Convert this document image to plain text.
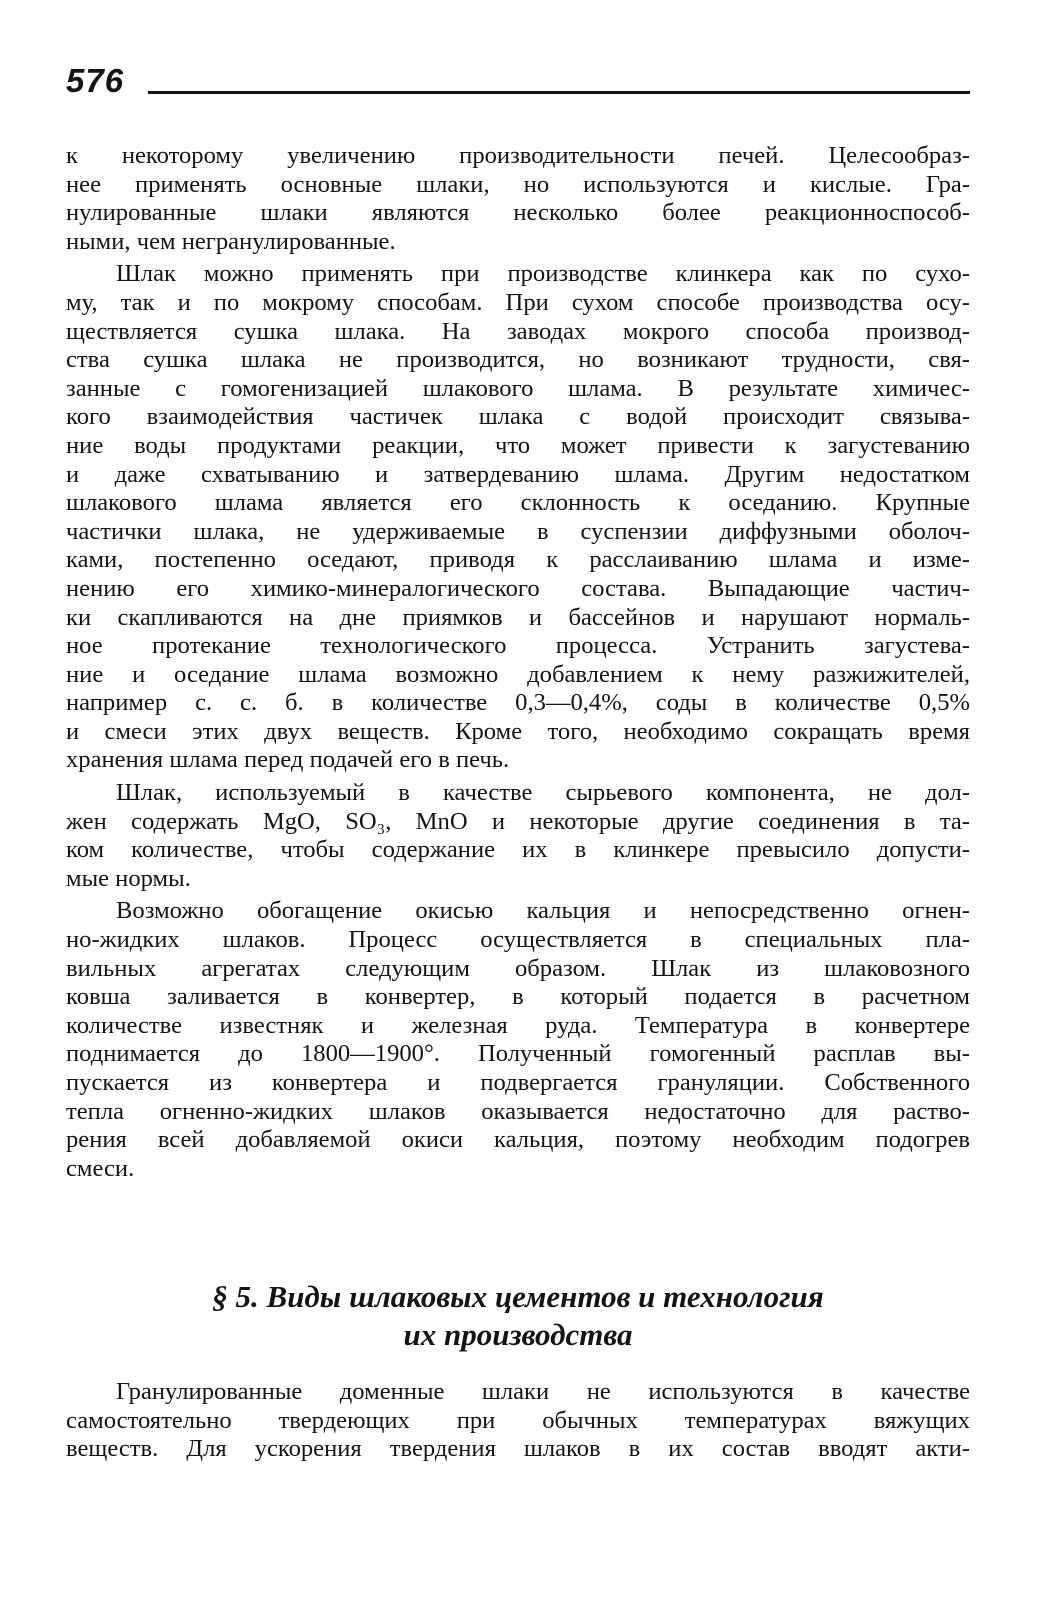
576
к некоторому увеличению производительности печей. Целесообраз-
нее применять основные шлаки, но используются и кислые. Гра-
нулированные шлаки являются несколько более реакционноспособ-
ными, чем негранулированные.
Шлак можно применять при производстве клинкера как по сухо-
му, так и по мокрому способам. При сухом способе производства осу-
ществляется сушка шлака. На заводах мокрого способа производ-
ства сушка шлака не производится, но возникают трудности, свя-
занные с гомогенизацией шлакового шлама. В результате химичес-
кого взаимодействия частичек шлака с водой происходит связыва-
ние воды продуктами реакции, что может привести к загустеванию
и даже схватыванию и затвердеванию шлама. Другим недостатком
шлакового шлама является его склонность к оседанию. Крупные
частички шлака, не удерживаемые в суспензии диффузными оболоч-
ками, постепенно оседают, приводя к расслаиванию шлама и изме-
нению его химико-минералогического состава. Выпадающие частич-
ки скапливаются на дне приямков и бассейнов и нарушают нормаль-
ное протекание технологического процесса. Устранить загустева-
ние и оседание шлама возможно добавлением к нему разжижителей,
например с. с. б. в количестве 0,3—0,4%, соды в количестве 0,5%
и смеси этих двух веществ. Кроме того, необходимо сокращать время
хранения шлама перед подачей его в печь.
Шлак, используемый в качестве сырьевого компонента, не дол-
жен содержать MgO, SO₃, MnO и некоторые другие соединения в та-
ком количестве, чтобы содержание их в клинкере превысило допусти-
мые нормы.
Возможно обогащение окисью кальция и непосредственно огнен-
но-жидких шлаков. Процесс осуществляется в специальных пла-
вильных агрегатах следующим образом. Шлак из шлаковозного
ковша заливается в конвертер, в который подается в расчетном
количестве известняк и железная руда. Температура в конвертере
поднимается до 1800—1900°. Полученный гомогенный расплав вы-
пускается из конвертера и подвергается грануляции. Собственного
тепла огненно-жидких шлаков оказывается недостаточно для раство-
рения всей добавляемой окиси кальция, поэтому необходим подогрев
смеси.
§ 5. Виды шлаковых цементов и технология
их производства
Гранулированные доменные шлаки не используются в качестве
самостоятельно твердеющих при обычных температурах вяжущих
веществ. Для ускорения твердения шлаков в их состав вводят акти-
